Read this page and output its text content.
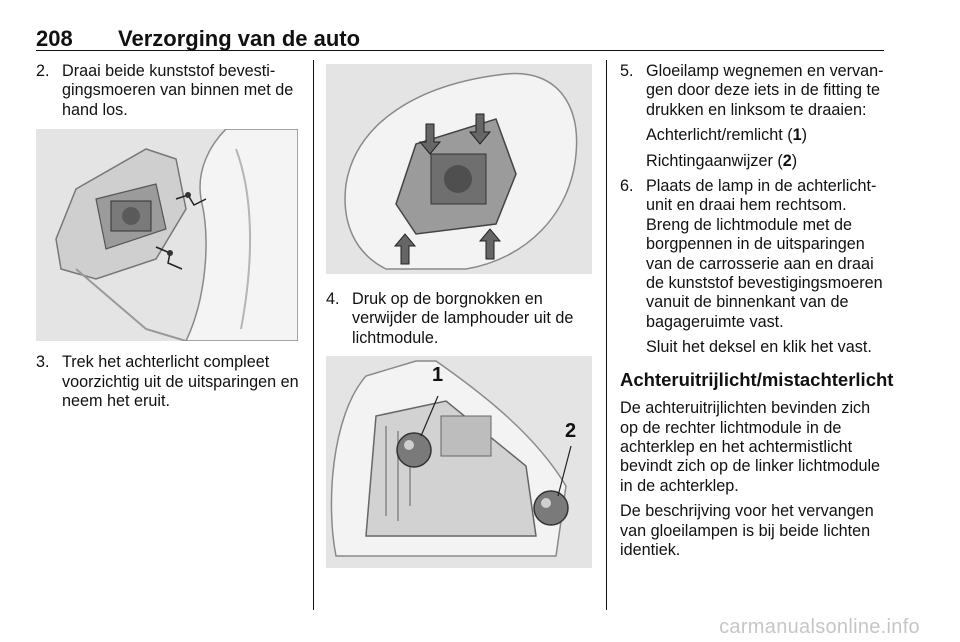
208 Verzorging van de auto
2. Draai beide kunststof bevestigingsmoeren van binnen met de hand los.
3. Trek het achterlicht compleet voorzichtig uit de uitsparingen en neem het eruit.
4. Druk op de borgnokken en verwijder de lamphouder uit de lichtmodule.
1
2
5. Gloeilamp wegnemen en vervangen door deze iets in de fitting te drukken en linksom te draaien:
Achterlicht/remlicht (1)
Richtingaanwijzer (2)
6. Plaats de lamp in de achterlichtunit en draai hem rechtsom. Breng de lichtmodule met de borgpennen in de uitsparingen van de carrosserie aan en draai de kunststof bevestigingsmoeren vanuit de binnenkant van de bagageruimte vast.
Sluit het deksel en klik het vast.
Achteruitrijlicht/mistachterlicht
De achteruitrijlichten bevinden zich op de rechter lichtmodule in de achterklep en het achtermistlicht bevindt zich op de linker lichtmodule in de achterklep.
De beschrijving voor het vervangen van gloeilampen is bij beide lichten identiek.
carmanualsonline.info
